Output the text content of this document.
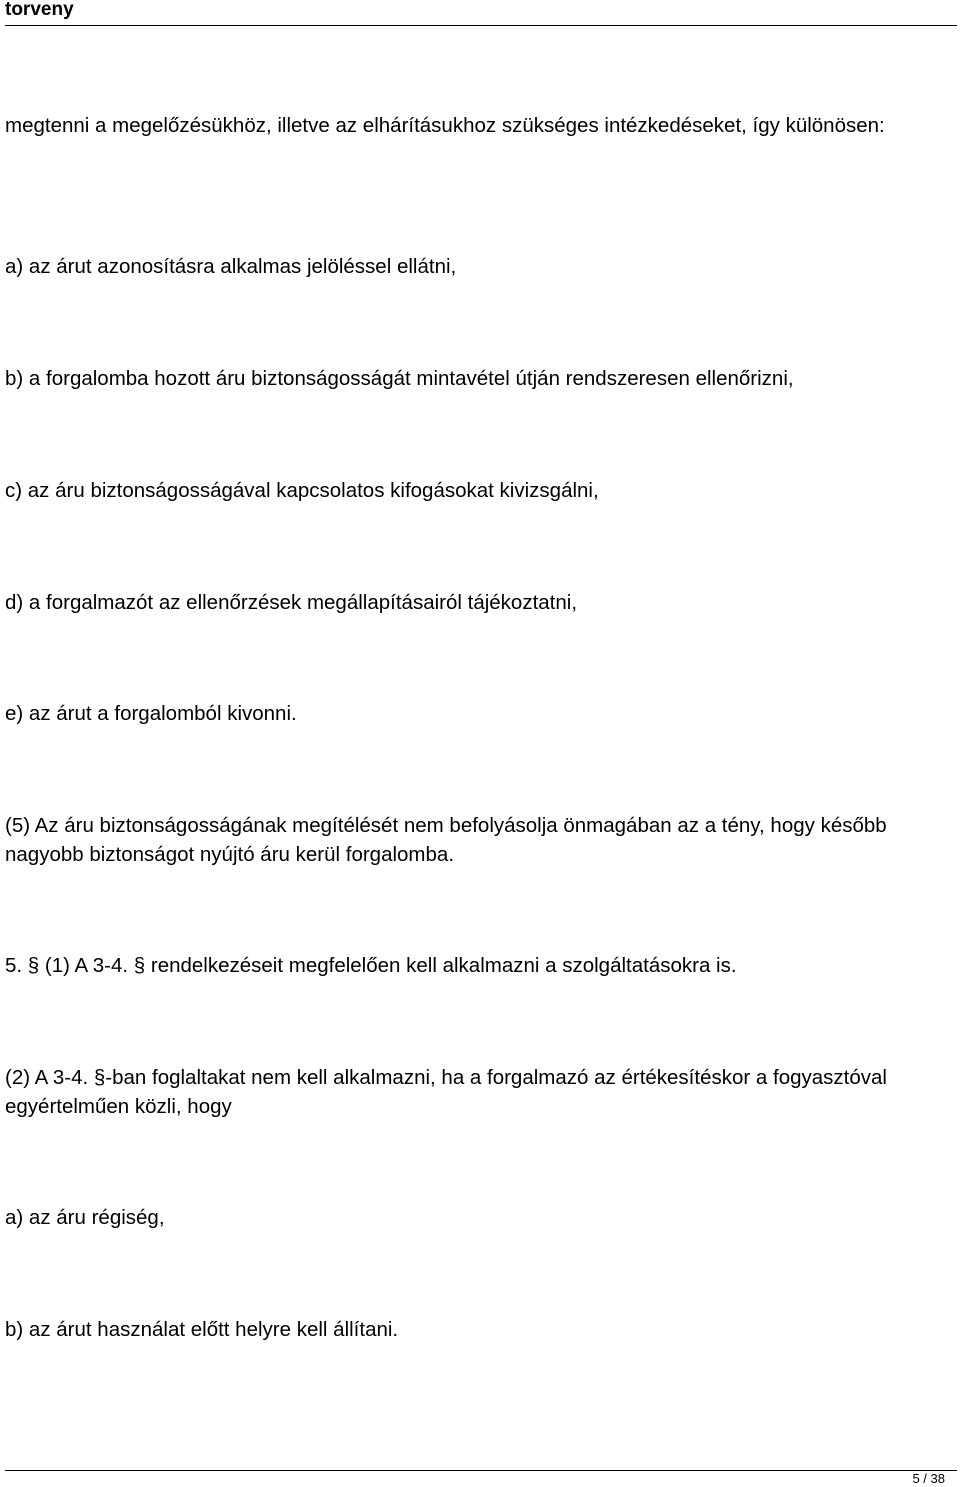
torveny

megtenni a megelőzésükhöz, illetve az elhárításukhoz szükséges intézkedéseket, így különösen:

a) az árut azonosításra alkalmas jelöléssel ellátni,

b) a forgalomba hozott áru biztonságosságát mintavétel útján rendszeresen ellenőrizni,

c) az áru biztonságosságával kapcsolatos kifogásokat kivizsgálni,

d) a forgalmazót az ellenőrzések megállapításairól tájékoztatni,

e) az árut a forgalomból kivonni.

(5) Az áru biztonságosságának megítélését nem befolyásolja önmagában az a tény, hogy később nagyobb biztonságot nyújtó áru kerül forgalomba.

5. § (1) A 3-4. § rendelkezéseit megfelelően kell alkalmazni a szolgáltatásokra is.

(2) A 3-4. §-ban foglaltakat nem kell alkalmazni, ha a forgalmazó az értékesítéskor a fogyasztóval egyértelműen közli, hogy

a) az áru régiség,

b) az árut használat előtt helyre kell állítani.

5 / 38
